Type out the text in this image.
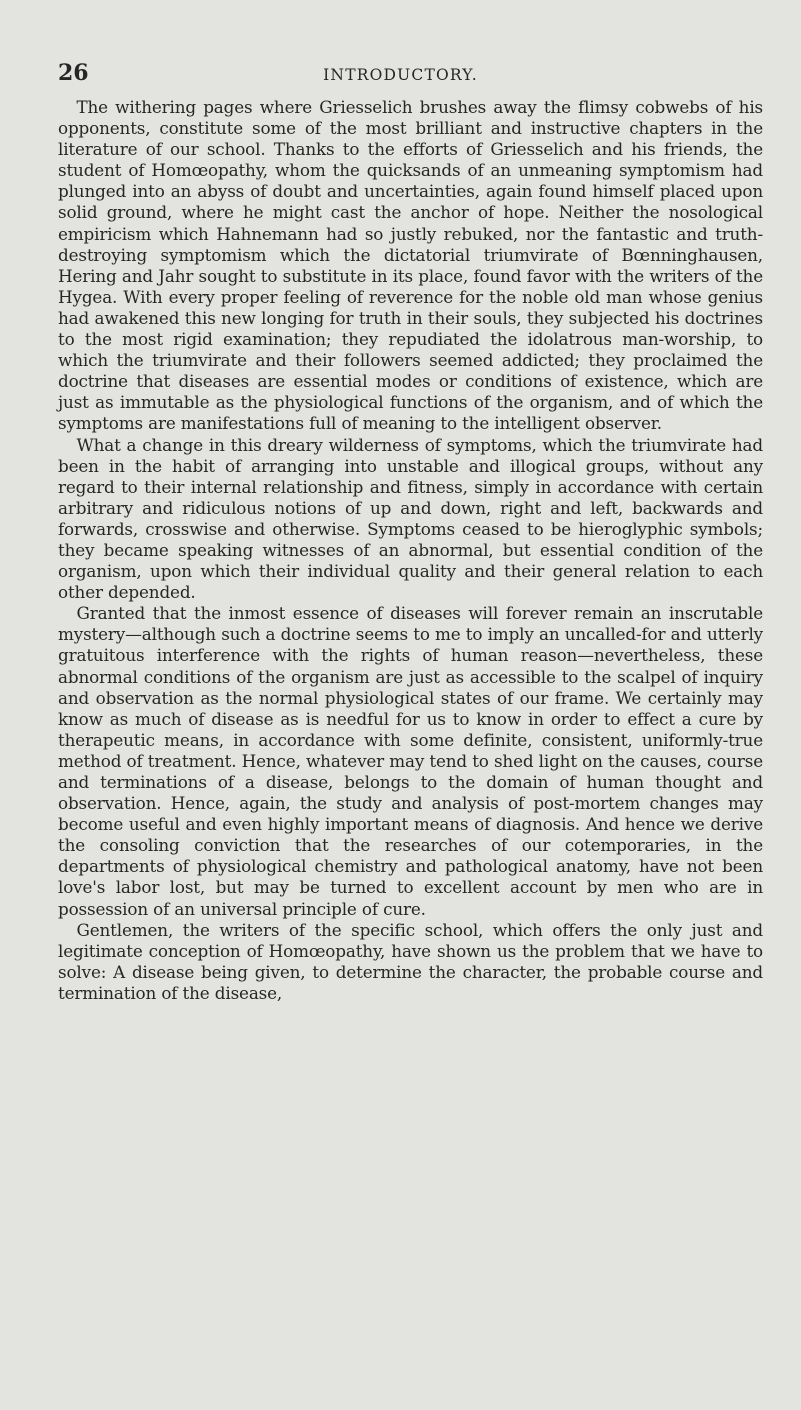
26	INTRODUCTORY.

The withering pages where Griesselich brushes away the flimsy cobwebs of his opponents, constitute some of the most brilliant and instructive chapters in the literature of our school. Thanks to the efforts of Griesselich and his friends, the student of Homœopathy, whom the quicksands of an unmeaning symptomism had plunged into an abyss of doubt and uncertainties, again found himself placed upon solid ground, where he might cast the anchor of hope. Neither the nosological empiricism which Hahnemann had so justly rebuked, nor the fantastic and truth-destroying symptomism which the dictatorial triumvirate of Bœnninghausen, Hering and Jahr sought to substitute in its place, found favor with the writers of the Hygea. With every proper feeling of reverence for the noble old man whose genius had awakened this new longing for truth in their souls, they subjected his doctrines to the most rigid examination; they repudiated the idolatrous man-worship, to which the triumvirate and their followers seemed addicted; they proclaimed the doctrine that diseases are essential modes or conditions of existence, which are just as immutable as the physiological functions of the organism, and of which the symptoms are manifestations full of meaning to the intelligent observer.

What a change in this dreary wilderness of symptoms, which the triumvirate had been in the habit of arranging into unstable and illogical groups, without any regard to their internal relationship and fitness, simply in accordance with certain arbitrary and ridiculous notions of up and down, right and left, backwards and forwards, crosswise and otherwise. Symptoms ceased to be hieroglyphic symbols; they became speaking witnesses of an abnormal, but essential condition of the organism, upon which their individual quality and their general relation to each other depended.

Granted that the inmost essence of diseases will forever remain an inscrutable mystery—although such a doctrine seems to me to imply an uncalled-for and utterly gratuitous interference with the rights of human reason—nevertheless, these abnormal conditions of the organism are just as accessible to the scalpel of inquiry and observation as the normal physiological states of our frame. We certainly may know as much of disease as is needful for us to know in order to effect a cure by therapeutic means, in accordance with some definite, consistent, uniformly-true method of treatment. Hence, whatever may tend to shed light on the causes, course and terminations of a disease, belongs to the domain of human thought and observation. Hence, again, the study and analysis of post-mortem changes may become useful and even highly important means of diagnosis. And hence we derive the consoling conviction that the researches of our cotemporaries, in the departments of physiological chemistry and pathological anatomy, have not been love's labor lost, but may be turned to excellent account by men who are in possession of an universal principle of cure.

Gentlemen, the writers of the specific school, which offers the only just and legitimate conception of Homœopathy, have shown us the problem that we have to solve: A disease being given, to determine the character, the probable course and termination of the disease,
